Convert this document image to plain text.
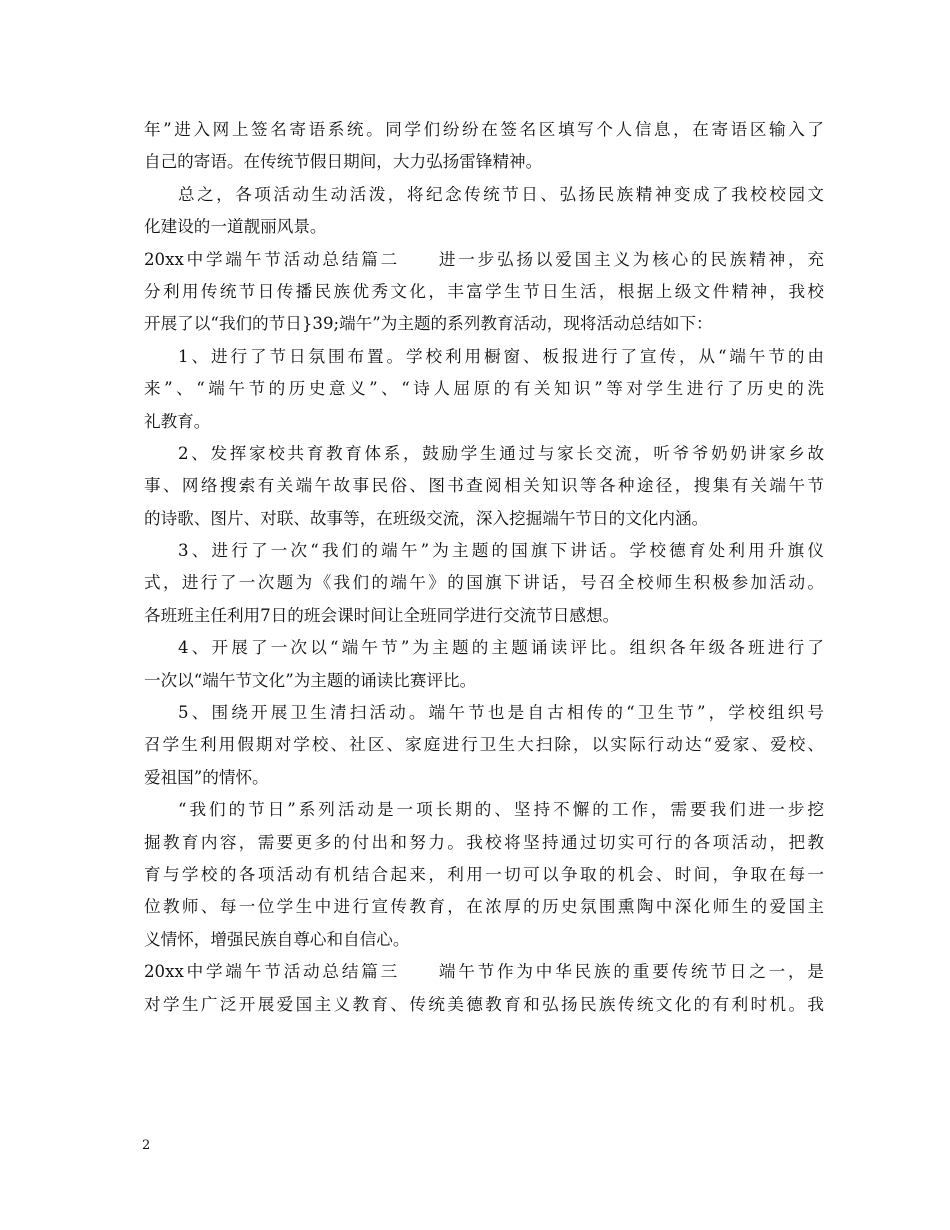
年”进入网上签名寄语系统。同学们纷纷在签名区填写个人信息，在寄语区输入了
自己的寄语。在传统节假日期间，大力弘扬雷锋精神。
总之，各项活动生动活泼，将纪念传统节日、弘扬民族精神变成了我校校园文
化建设的一道靓丽风景。
20xx中学端午节活动总结篇二　　进一步弘扬以爱国主义为核心的民族精神，充
分利用传统节日传播民族优秀文化，丰富学生节日生活，根据上级文件精神，我校
开展了以“我们的节日}39;端午”为主题的系列教育活动，现将活动总结如下：
1、进行了节日氛围布置。学校利用橱窗、板报进行了宣传，从“端午节的由
来”、“端午节的历史意义”、“诗人屈原的有关知识”等对学生进行了历史的洗
礼教育。
2、发挥家校共育教育体系，鼓励学生通过与家长交流，听爷爷奶奶讲家乡故
事、网络搜索有关端午故事民俗、图书查阅相关知识等各种途径，搜集有关端午节
的诗歌、图片、对联、故事等，在班级交流，深入挖掘端午节日的文化内涵。
3、进行了一次“我们的端午”为主题的国旗下讲话。学校德育处利用升旗仪
式，进行了一次题为《我们的端午》的国旗下讲话，号召全校师生积极参加活动。
各班班主任利用7日的班会课时间让全班同学进行交流节日感想。
4、开展了一次以“端午节”为主题的主题诵读评比。组织各年级各班进行了
一次以“端午节文化”为主题的诵读比赛评比。
5、围绕开展卫生清扫活动。端午节也是自古相传的“卫生节”，学校组织号
召学生利用假期对学校、社区、家庭进行卫生大扫除，以实际行动达“爱家、爱校、
爱祖国”的情怀。
“我们的节日”系列活动是一项长期的、坚持不懈的工作，需要我们进一步挖
掘教育内容，需要更多的付出和努力。我校将坚持通过切实可行的各项活动，把教
育与学校的各项活动有机结合起来，利用一切可以争取的机会、时间，争取在每一
位教师、每一位学生中进行宣传教育，在浓厚的历史氛围熏陶中深化师生的爱国主
义情怀，增强民族自尊心和自信心。
20xx中学端午节活动总结篇三　　端午节作为中华民族的重要传统节日之一，是
对学生广泛开展爱国主义教育、传统美德教育和弘扬民族传统文化的有利时机。我
2
